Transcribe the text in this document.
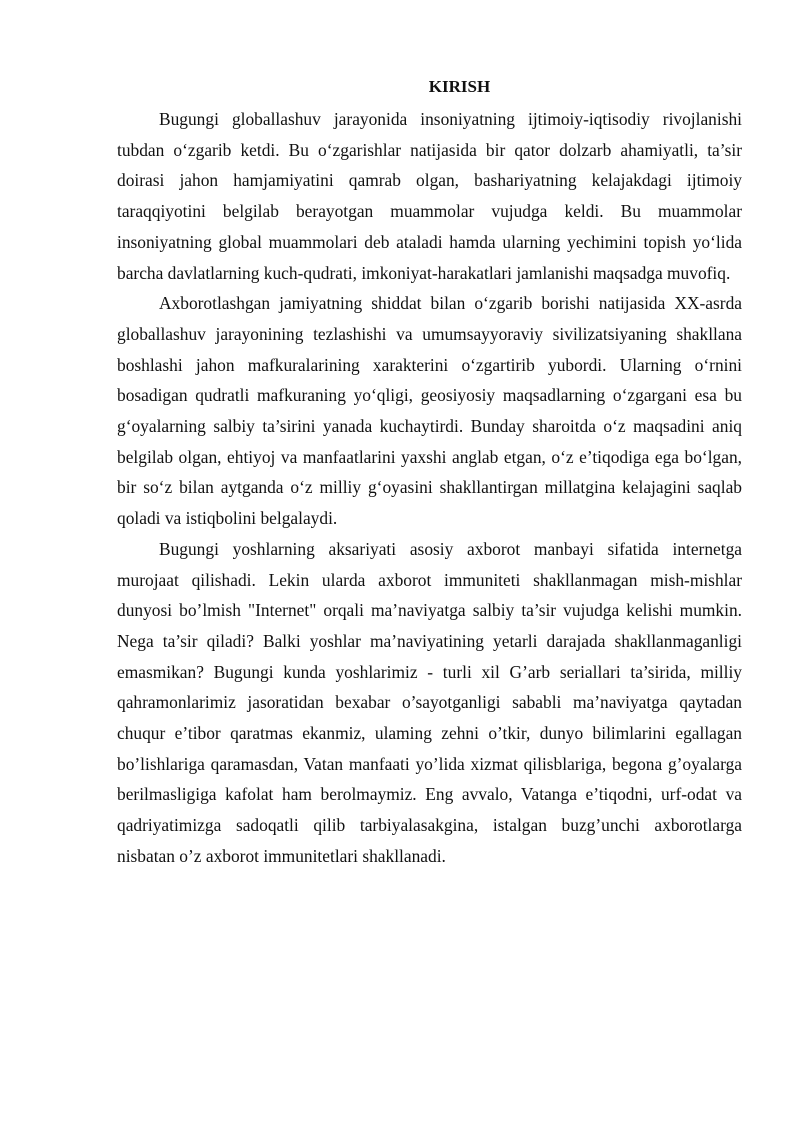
KIRISH

Bugungi globallashuv jarayonida insoniyatning ijtimoiy-iqtisodiy rivojlanishi tubdan o‘zgarib ketdi. Bu o‘zgarishlar natijasida bir qator dolzarb ahamiyatli, ta’sir doirasi jahon hamjamiyatini qamrab olgan, bashariyatning kelajakdagi ijtimoiy taraqqiyotini belgilab berayotgan muammolar vujudga keldi. Bu muammolar insoniyatning global muammolari deb ataladi hamda ularning yechimini topish yo‘lida barcha davlatlarning kuch-qudrati, imkoniyat-harakatlari jamlanishi maqsadga muvofiq.

Axborotlashgan jamiyatning shiddat bilan o‘zgarib borishi natijasida XX-asrda globallashuv jarayonining tezlashishi va umumsayyoraviy sivilizatsiyaning shakllana boshlashi jahon mafkuralarining xarakterini o‘zgartirib yubordi. Ularning o‘rnini bosadigan qudratli mafkuraning yo‘qligi, geosiyosiy maqsadlarning o‘zgargani esa bu g‘oyalarning salbiy ta’sirini yanada kuchaytirdi. Bunday sharoitda o‘z maqsadini aniq belgilab olgan, ehtiyoj va manfaatlarini yaxshi anglab etgan, o‘z e’tiqodiga ega bo‘lgan, bir so‘z bilan aytganda o‘z milliy g‘oyasini shakllantirgan millatgina kelajagini saqlab qoladi va istiqbolini belgalaydi.

Bugungi yoshlarning aksariyati asosiy axborot manbayi sifatida internetga murojaat qilishadi. Lekin ularda axborot immuniteti shakllanmagan mish-mishlar dunyosi bo’lmish "Internet" orqali ma’naviyatga salbiy ta’sir vujudga kelishi mumkin. Nega ta’sir qiladi? Balki yoshlar ma’naviyatining yetarli darajada shakllanmaganligi emasmikan? Bugungi kunda yoshlarimiz - turli xil G’arb seriallari ta’sirida, milliy qahramonlarimiz jasoratidan bexabar o’sayotganligi sababli ma’naviyatga qaytadan chuqur e’tibor qaratmas ekanmiz, ulaming zehni o’tkir, dunyo bilimlarini egallagan bo’lishlariga qaramasdan, Vatan manfaati yo’lida xizmat qilisblariga, begona g’oyalarga berilmasligiga kafolat ham berolmaymiz. Eng avvalo, Vatanga e’tiqodni, urf-odat va qadriyatimizga sadoqatli qilib tarbiyalasakgina, istalgan buzg’unchi axborotlarga nisbatan o’z axborot immunitetlari shakllanadi.
